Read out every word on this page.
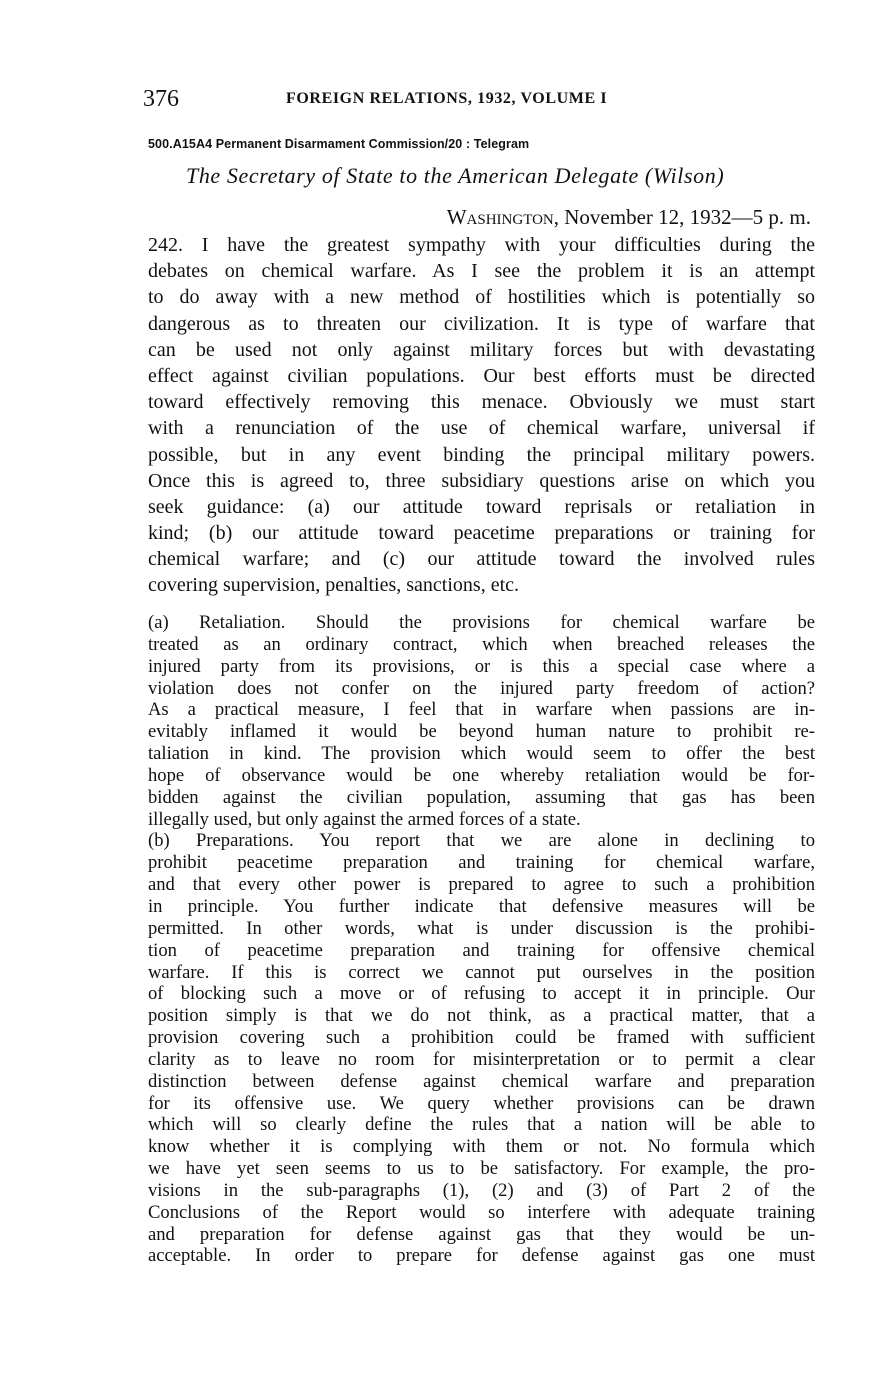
376	FOREIGN RELATIONS, 1932, VOLUME I
500.A15A4 Permanent Disarmament Commission/20 : Telegram
The Secretary of State to the American Delegate (Wilson)
Washington, November 12, 1932—5 p. m.
242. I have the greatest sympathy with your difficulties during the
debates on chemical warfare. As I see the problem it is an attempt
to do away with a new method of hostilities which is potentially so
dangerous as to threaten our civilization. It is type of warfare that
can be used not only against military forces but with devastating
effect against civilian populations. Our best efforts must be directed
toward effectively removing this menace. Obviously we must start
with a renunciation of the use of chemical warfare, universal if
possible, but in any event binding the principal military powers.
Once this is agreed to, three subsidiary questions arise on which you
seek guidance: (a) our attitude toward reprisals or retaliation in
kind; (b) our attitude toward peacetime preparations or training for
chemical warfare; and (c) our attitude toward the involved rules
covering supervision, penalties, sanctions, etc.
(a) Retaliation. Should the provisions for chemical warfare be
treated as an ordinary contract, which when breached releases the
injured party from its provisions, or is this a special case where a
violation does not confer on the injured party freedom of action?
As a practical measure, I feel that in warfare when passions are in-
evitably inflamed it would be beyond human nature to prohibit re-
taliation in kind. The provision which would seem to offer the best
hope of observance would be one whereby retaliation would be for-
bidden against the civilian population, assuming that gas has been
illegally used, but only against the armed forces of a state.
(b) Preparations. You report that we are alone in declining to
prohibit peacetime preparation and training for chemical warfare,
and that every other power is prepared to agree to such a prohibition
in principle. You further indicate that defensive measures will be
permitted. In other words, what is under discussion is the prohibi-
tion of peacetime preparation and training for offensive chemical
warfare. If this is correct we cannot put ourselves in the position
of blocking such a move or of refusing to accept it in principle. Our
position simply is that we do not think, as a practical matter, that a
provision covering such a prohibition could be framed with sufficient
clarity as to leave no room for misinterpretation or to permit a clear
distinction between defense against chemical warfare and preparation
for its offensive use. We query whether provisions can be drawn
which will so clearly define the rules that a nation will be able to
know whether it is complying with them or not. No formula which
we have yet seen seems to us to be satisfactory. For example, the pro-
visions in the sub-paragraphs (1), (2) and (3) of Part 2 of the
Conclusions of the Report would so interfere with adequate training
and preparation for defense against gas that they would be un-
acceptable. In order to prepare for defense against gas one must
